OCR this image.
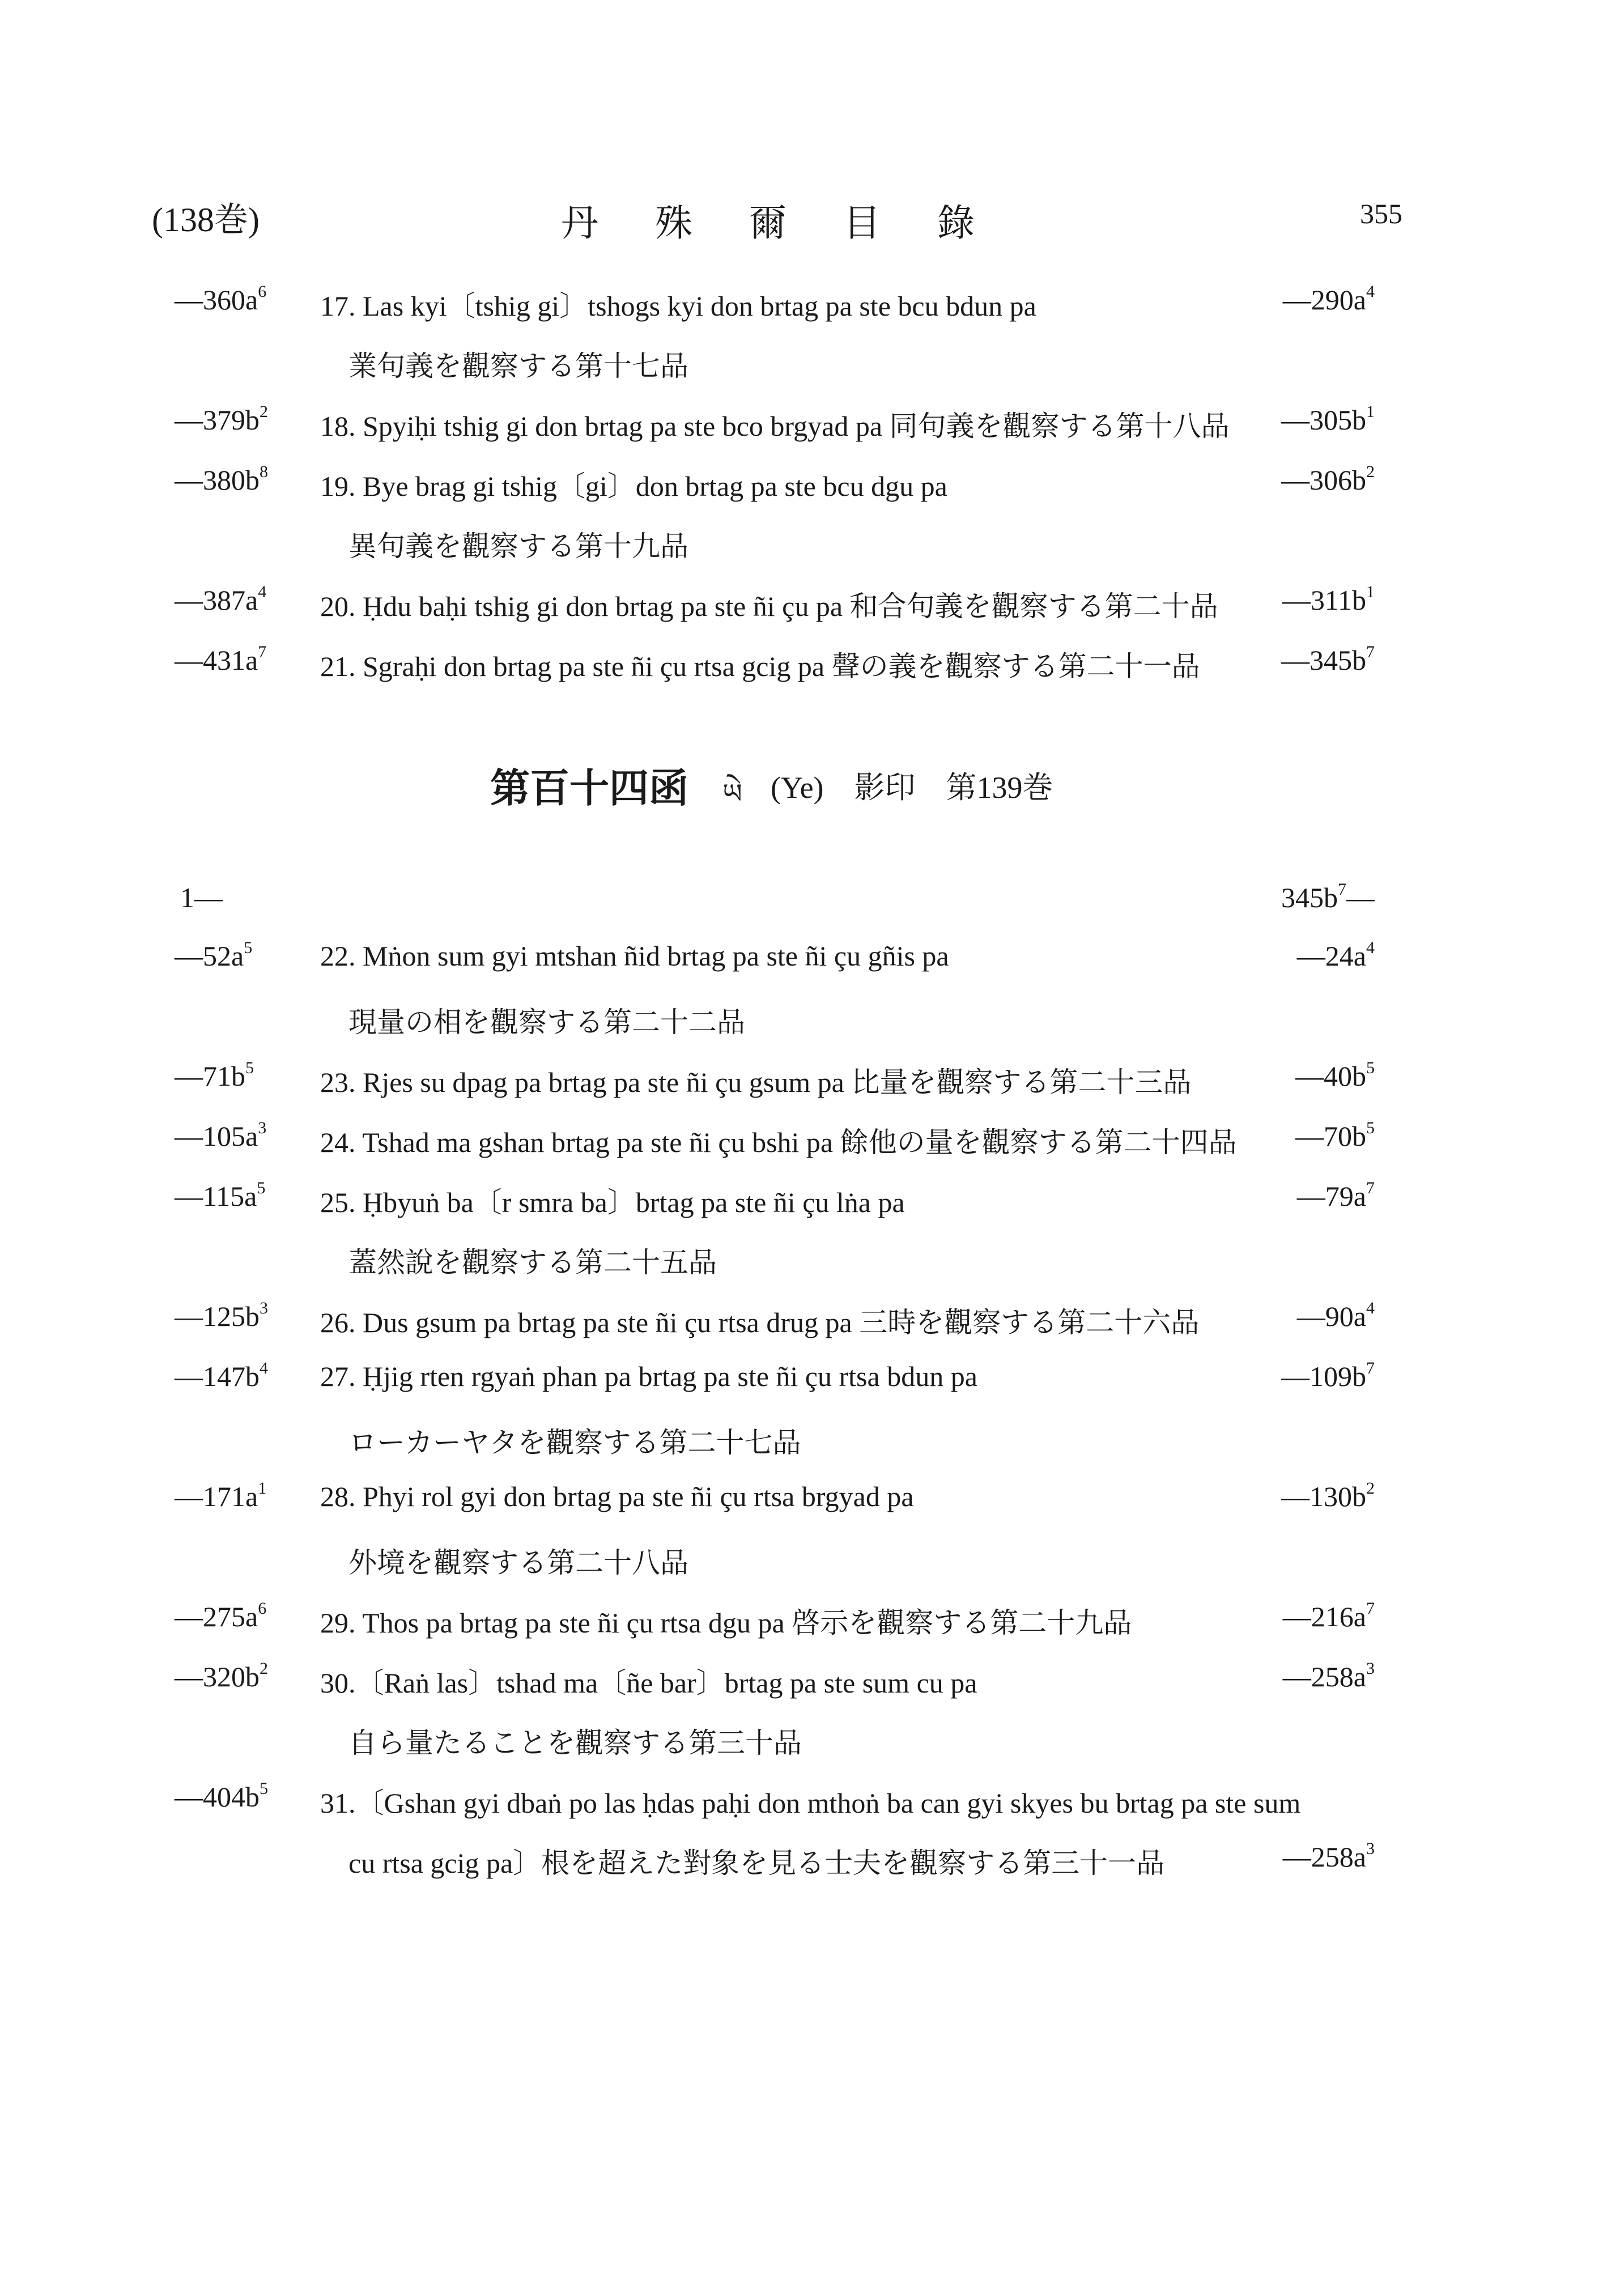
(138巻)	丹殊爾目錄	355
$—360a^6$ 17. Las kyi〔tshig gi〕tshogs kyi don brtag pa ste bcu bdun pa	$—290a^4$
業句義を觀察する第十七品
$—379b^2$ 18. Spyiḥi tshig gi don brtag pa ste bco brgyad pa 同句義を觀察する第十八品 $—305b^1$
$—380b^8$ 19. Bye brag gi tshig〔gi〕don brtag pa ste bcu dgu pa	$—306b^2$
異句義を觀察する第十九品
$—387a^4$ 20. Ḥdu baḥi tshig gi don brtag pa ste ñi çu pa 和合句義を觀察する第二十品 $—311b^1$
$—431a^7$ 21. Sgraḥi don brtag pa ste ñi çu rtsa gcig pa 聲の義を觀察する第二十一品	$—345b^7$
第百十四函 ཡེ (Ye)　影印　第139巻
1—	$345b^7—$
$—52a^5$ 22. Mṅon sum gyi mtshan ñid brtag pa ste ñi çu gñis pa	$—24a^4$
現量の相を觀察する第二十二品
$—71b^5$ 23. Rjes su dpag pa brtag pa ste ñi çu gsum pa 比量を觀察する第二十三品	$—40b^5$
$—105a^3$ 24. Tshad ma gshan brtag pa ste ñi çu bshi pa 餘他の量を觀察する第二十四品 $—70b^5$
$—115a^5$ 25. Ḥbyuṅ ba〔r smra ba〕brtag pa ste ñi çu lṅa pa	$—79a^7$
蓋然說を觀察する第二十五品
$—125b^3$ 26. Dus gsum pa brtag pa ste ñi çu rtsa drug pa 三時を觀察する第二十六品	$—90a^4$
$—147b^4$ 27. Ḥjig rten rgyaṅ phan pa brtag pa ste ñi çu rtsa bdun pa	$—109b^7$
ローカーヤタを觀察する第二十七品
$—171a^1$ 28. Phyi rol gyi don brtag pa ste ñi çu rtsa brgyad pa	$—130b^2$
外境を觀察する第二十八品
$—275a^6$ 29. Thos pa brtag pa ste ñi çu rtsa dgu pa 啓示を觀察する第二十九品	$—216a^7$
$—320b^2$ 30.〔Raṅ las〕tshad ma〔ñe bar〕brtag pa ste sum cu pa	$—258a^3$
自ら量たることを觀察する第三十品
$—404b^5$ 31.〔Gshan gyi dbaṅ po las ḥdas paḥi don mthoṅ ba can gyi skyes bu brtag pa ste sum
cu rtsa gcig pa〕根を超えた對象を見る士夫を觀察する第三十一品	$—258a^3$
